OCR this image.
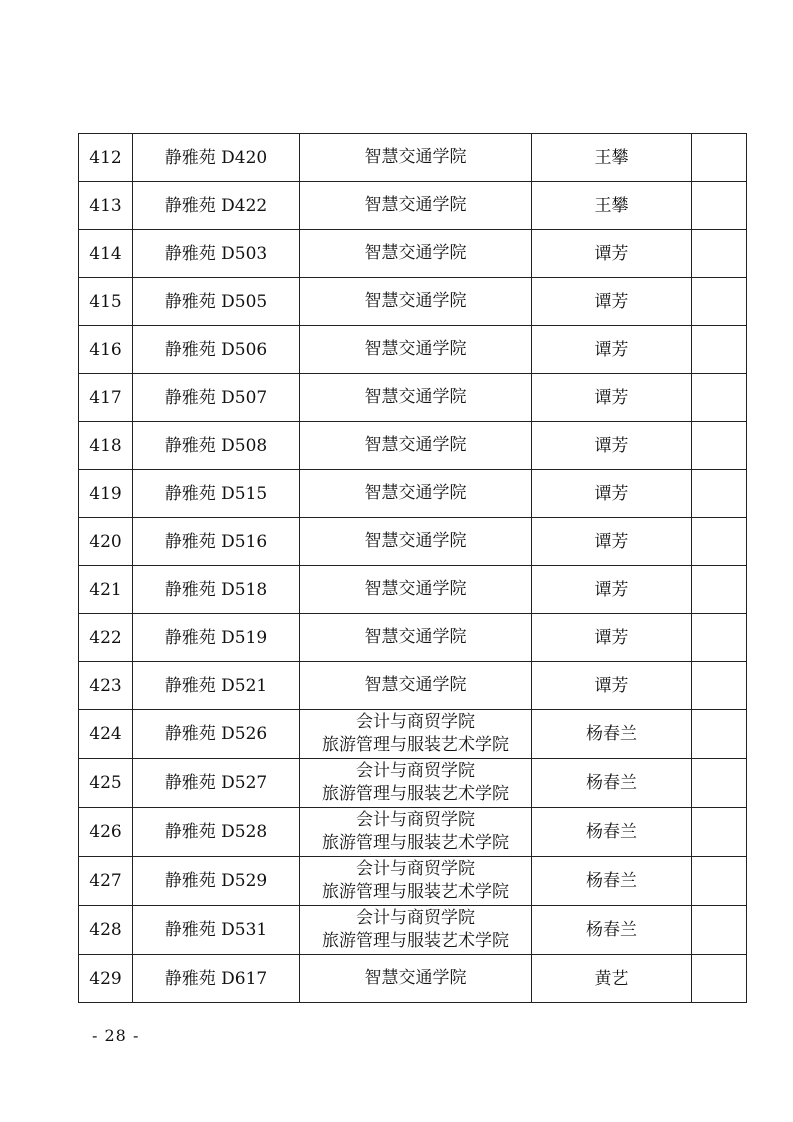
412	静雅苑 D420	智慧交通学院	王攀	
413	静雅苑 D422	智慧交通学院	王攀	
414	静雅苑 D503	智慧交通学院	谭芳	
415	静雅苑 D505	智慧交通学院	谭芳	
416	静雅苑 D506	智慧交通学院	谭芳	
417	静雅苑 D507	智慧交通学院	谭芳	
418	静雅苑 D508	智慧交通学院	谭芳	
419	静雅苑 D515	智慧交通学院	谭芳	
420	静雅苑 D516	智慧交通学院	谭芳	
421	静雅苑 D518	智慧交通学院	谭芳	
422	静雅苑 D519	智慧交通学院	谭芳	
423	静雅苑 D521	智慧交通学院	谭芳	
424	静雅苑 D526	会计与商贸学院
旅游管理与服装艺术学院	杨春兰	
425	静雅苑 D527	会计与商贸学院
旅游管理与服装艺术学院	杨春兰	
426	静雅苑 D528	会计与商贸学院
旅游管理与服装艺术学院	杨春兰	
427	静雅苑 D529	会计与商贸学院
旅游管理与服装艺术学院	杨春兰	
428	静雅苑 D531	会计与商贸学院
旅游管理与服装艺术学院	杨春兰	
429	静雅苑 D617	智慧交通学院	黄艺	
- 28 -
